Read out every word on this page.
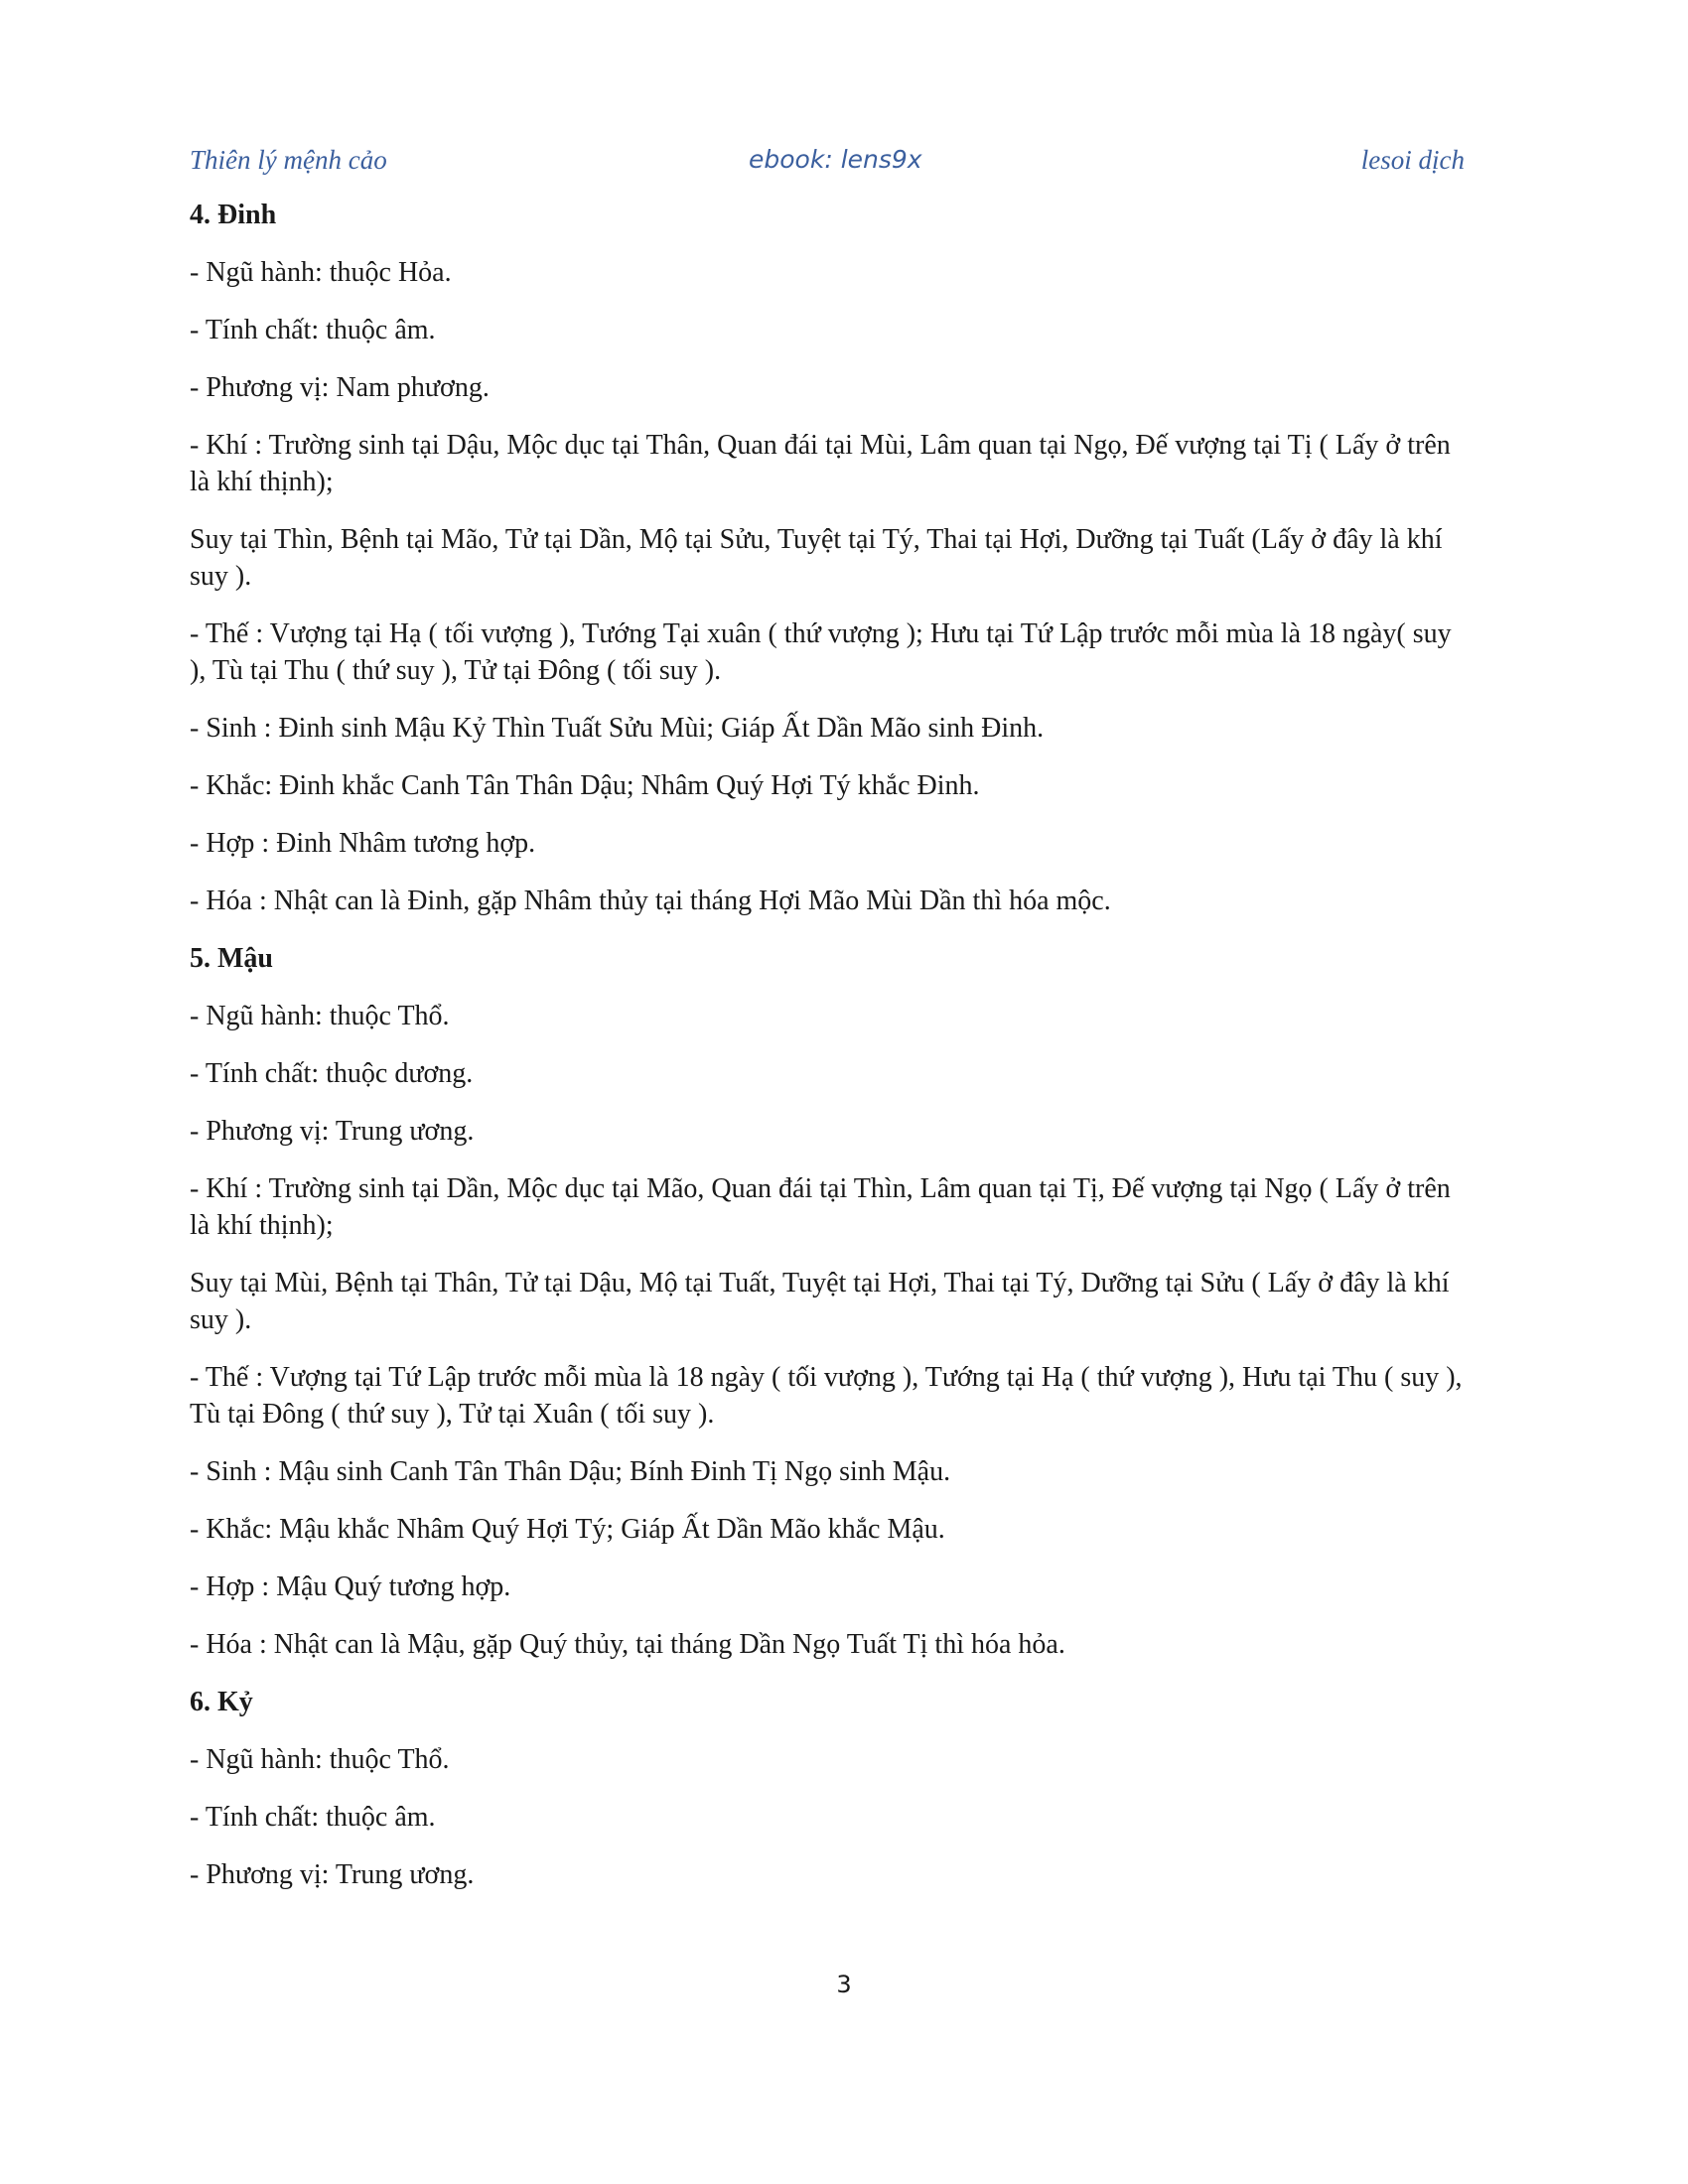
Thiên lý mệnh cảo	ebook: lens9x	lesoi dịch
4. Đinh

- Ngũ hành: thuộc Hỏa.

- Tính chất: thuộc âm.

- Phương vị: Nam phương.

- Khí : Trường sinh tại Dậu, Mộc dục tại Thân, Quan đái tại Mùi, Lâm quan tại Ngọ, Đế vượng tại Tị ( Lấy ở trên là khí thịnh);

Suy tại Thìn, Bệnh tại Mão, Tử tại Dần, Mộ tại Sửu, Tuyệt tại Tý, Thai tại Hợi, Dưỡng tại Tuất (Lấy ở đây là khí suy ).

- Thế : Vượng tại Hạ ( tối vượng ), Tướng Tại xuân ( thứ vượng ); Hưu tại Tứ Lập trước mỗi mùa là 18 ngày( suy ), Tù tại Thu ( thứ suy ), Tử tại Đông ( tối suy ).

- Sinh : Đinh sinh Mậu Kỷ Thìn Tuất Sửu Mùi; Giáp Ất Dần Mão sinh Đinh.

- Khắc: Đinh khắc Canh Tân Thân Dậu; Nhâm Quý Hợi Tý khắc Đinh.

- Hợp : Đinh Nhâm tương hợp.

- Hóa : Nhật can là Đinh, gặp Nhâm thủy tại tháng Hợi Mão Mùi Dần thì hóa mộc.

5. Mậu

- Ngũ hành: thuộc Thổ.

- Tính chất: thuộc dương.

- Phương vị: Trung ương.

- Khí : Trường sinh tại Dần, Mộc dục tại Mão, Quan đái tại Thìn, Lâm quan tại Tị, Đế vượng tại Ngọ ( Lấy ở trên là khí thịnh);

Suy tại Mùi, Bệnh tại Thân, Tử tại Dậu, Mộ tại Tuất, Tuyệt tại Hợi, Thai tại Tý, Dưỡng tại Sửu ( Lấy ở đây là khí suy ).

- Thế : Vượng tại Tứ Lập trước mỗi mùa là 18 ngày ( tối vượng ), Tướng tại Hạ ( thứ vượng ), Hưu tại Thu ( suy ), Tù tại Đông ( thứ suy ), Tử tại Xuân ( tối suy ).

- Sinh : Mậu sinh Canh Tân Thân Dậu; Bính Đinh Tị Ngọ sinh Mậu.

- Khắc: Mậu khắc Nhâm Quý Hợi Tý; Giáp Ất Dần Mão khắc Mậu.

- Hợp : Mậu Quý tương hợp.

- Hóa : Nhật can là Mậu, gặp Quý thủy, tại tháng Dần Ngọ Tuất Tị thì hóa hỏa.

6. Kỷ

- Ngũ hành: thuộc Thổ.

- Tính chất: thuộc âm.

- Phương vị: Trung ương.

3
